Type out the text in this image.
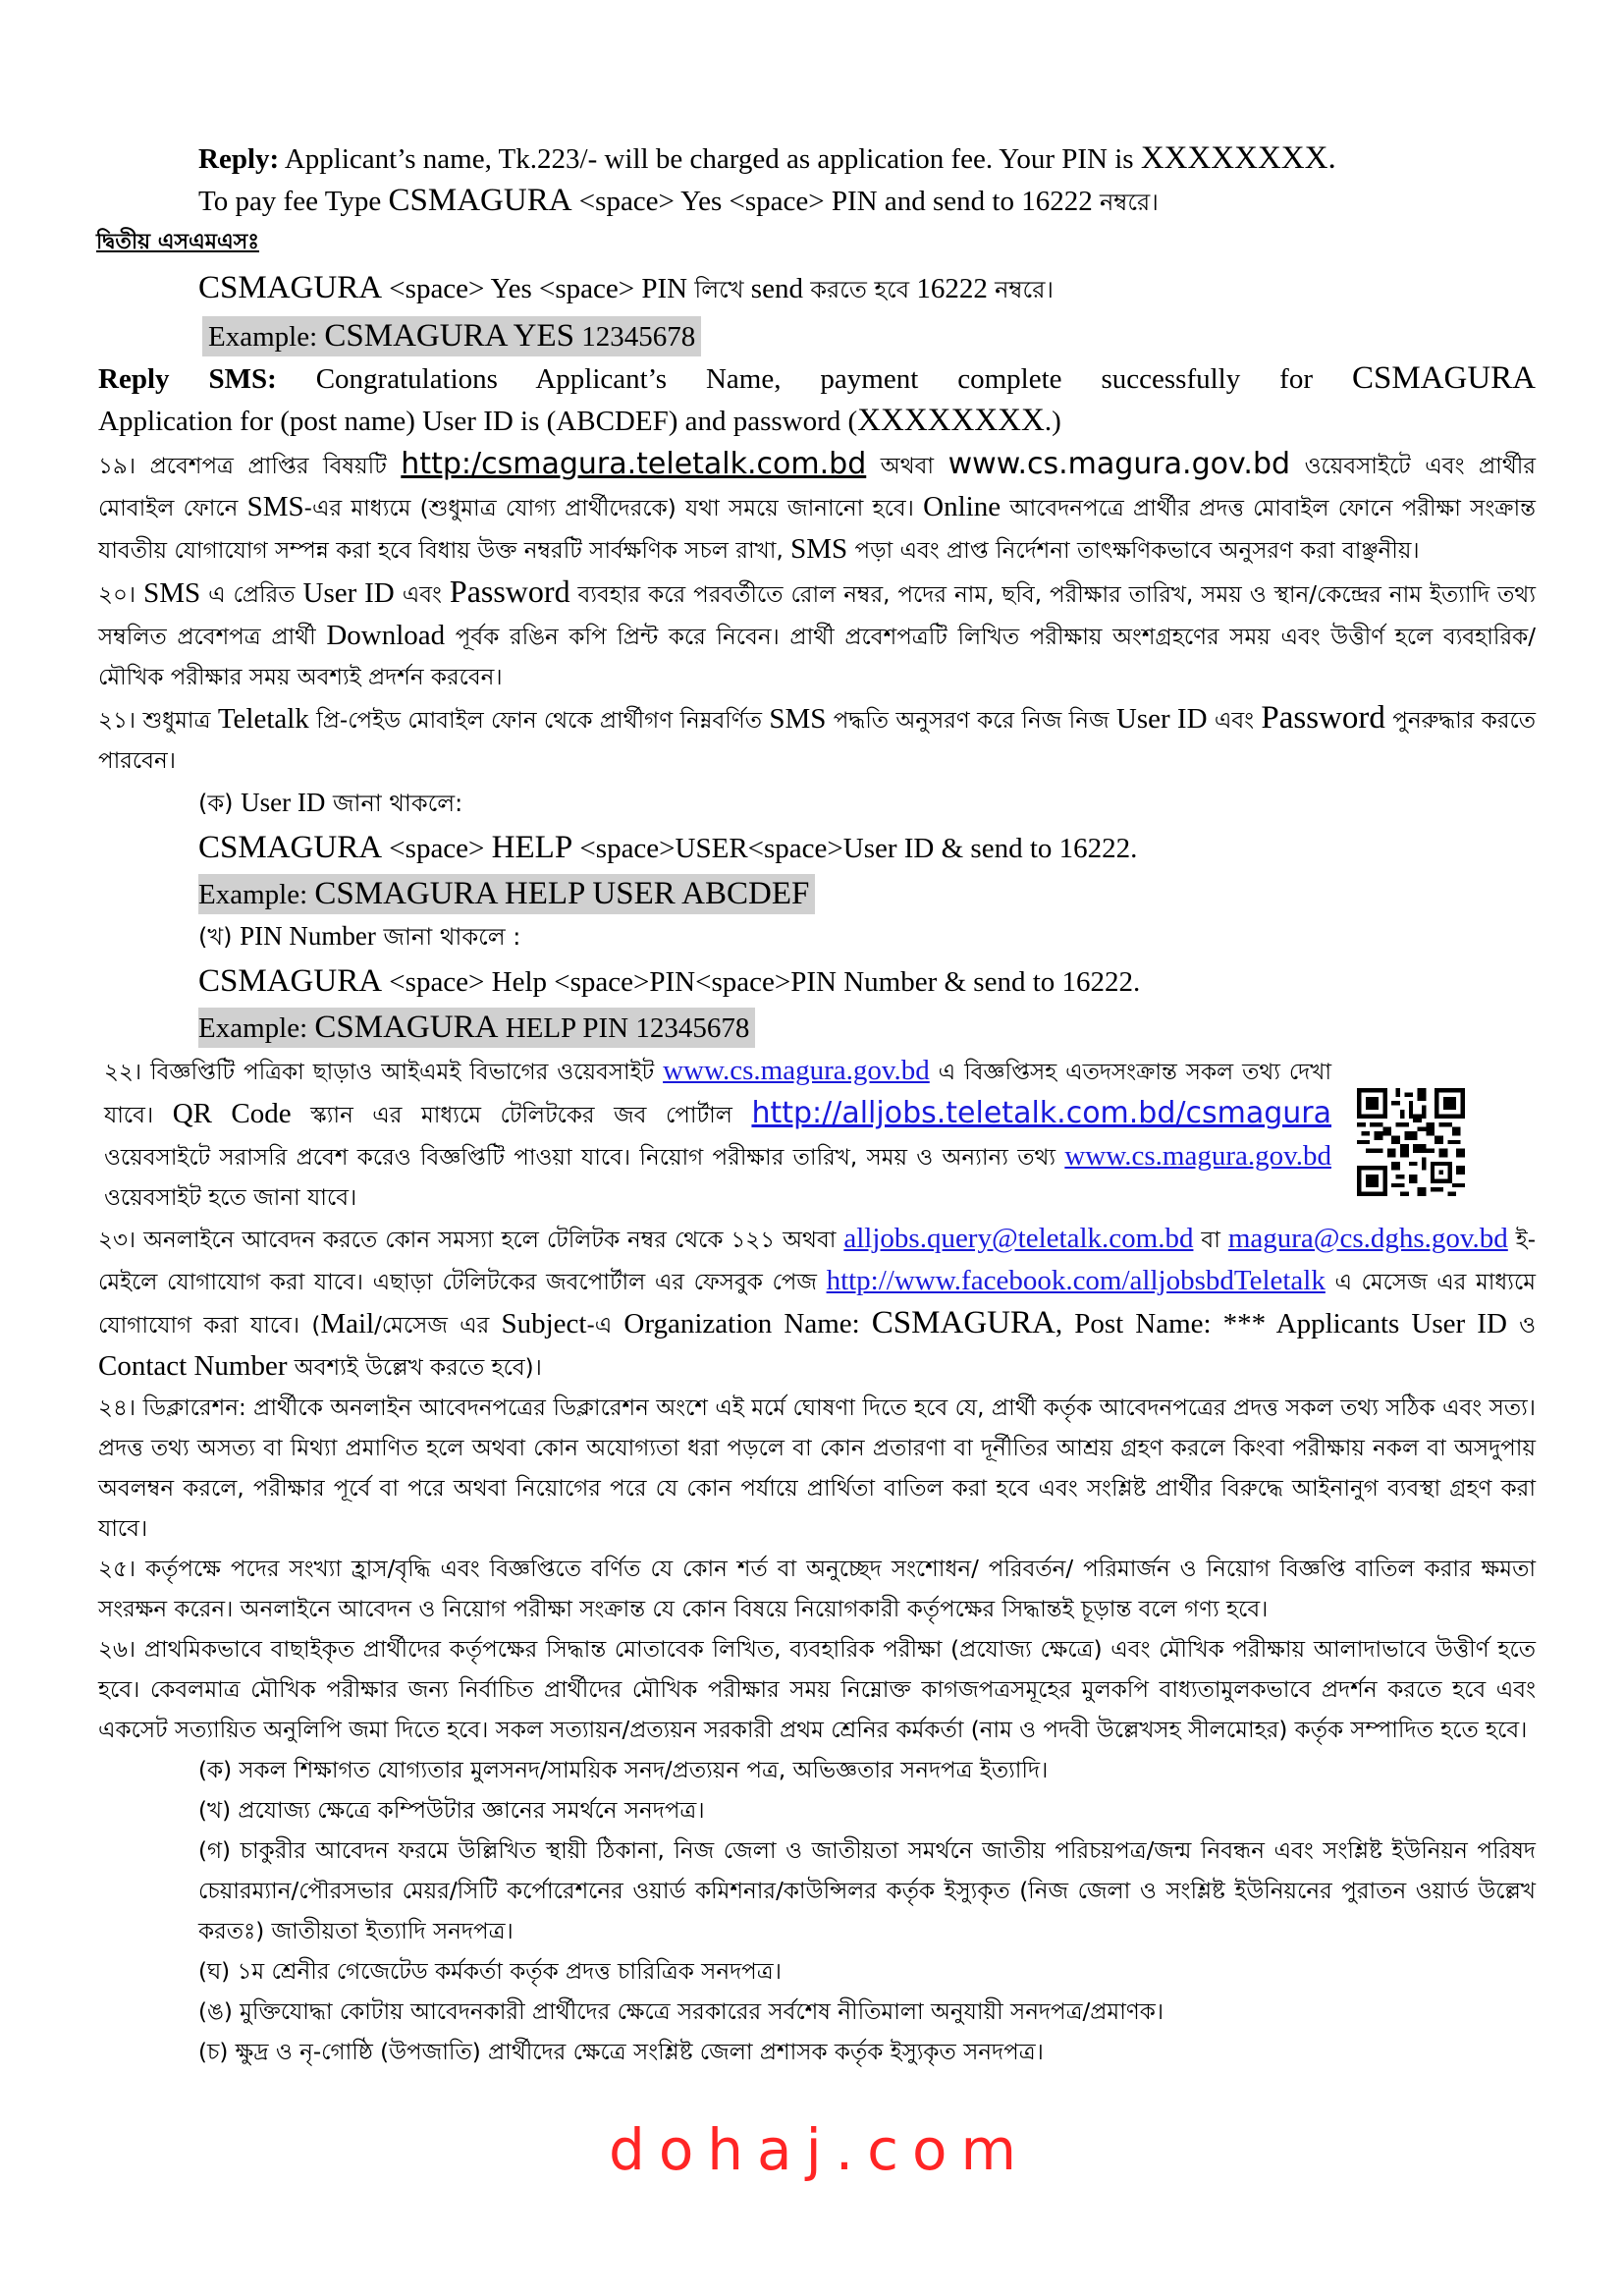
Reply: Applicant’s name, Tk.223/- will be charged as application fee. Your PIN is XXXXXXXX.
To pay fee Type CSMAGURA <space> Yes <space> PIN and send to 16222 নম্বরে।
দ্বিতীয় এসএমএসঃ
CSMAGURA <space> Yes <space> PIN লিখে send করতে হবে 16222 নম্বরে।
Example: CSMAGURA YES 12345678
Reply SMS: Congratulations Applicant’s Name, payment complete successfully for CSMAGURA
Application for (post name) User ID is (ABCDEF) and password (XXXXXXXX.)
১৯। প্রবেশপত্র প্রাপ্তির বিষয়টি http:/csmagura.teletalk.com.bd অথবা www.cs.magura.gov.bd ওয়েবসাইটে এবং প্রার্থীর মোবাইল ফোনে SMS-এর মাধ্যমে (শুধুমাত্র যোগ্য প্রার্থীদেরকে) যথা সময়ে জানানো হবে। Online আবেদনপত্রে প্রার্থীর প্রদত্ত মোবাইল ফোনে পরীক্ষা সংক্রান্ত যাবতীয় যোগাযোগ সম্পন্ন করা হবে বিধায় উক্ত নম্বরটি সার্বক্ষণিক সচল রাখা, SMS পড়া এবং প্রাপ্ত নির্দেশনা তাৎক্ষণিকভাবে অনুসরণ করা বাঞ্ছনীয়।
২০। SMS এ প্রেরিত User ID এবং Password ব্যবহার করে পরবর্তীতে রোল নম্বর, পদের নাম, ছবি, পরীক্ষার তারিখ, সময় ও স্থান/কেন্দ্রের নাম ইত্যাদি তথ্য সম্বলিত প্রবেশপত্র প্রার্থী Download পূর্বক রঙিন কপি প্রিন্ট করে নিবেন। প্রার্থী প্রবেশপত্রটি লিখিত পরীক্ষায় অংশগ্রহণের সময় এবং উত্তীর্ণ হলে ব্যবহারিক/মৌখিক পরীক্ষার সময় অবশ্যই প্রদর্শন করবেন।
২১। শুধুমাত্র Teletalk প্রি-পেইড মোবাইল ফোন থেকে প্রার্থীগণ নিম্নবর্ণিত SMS পদ্ধতি অনুসরণ করে নিজ নিজ User ID এবং Password পুনরুদ্ধার করতে পারবেন।
(ক) User ID জানা থাকলে:
CSMAGURA <space> HELP <space>USER<space>User ID & send to 16222.
Example: CSMAGURA HELP USER ABCDEF
(খ) PIN Number জানা থাকলে :
CSMAGURA <space> Help <space>PIN<space>PIN Number & send to 16222.
Example: CSMAGURA HELP PIN 12345678
২২। বিজ্ঞপ্তিটি পত্রিকা ছাড়াও আইএমই বিভাগের ওয়েবসাইট www.cs.magura.gov.bd এ বিজ্ঞপ্তিসহ এতদসংক্রান্ত সকল তথ্য দেখা যাবে। QR Code স্ক্যান এর মাধ্যমে টেলিটকের জব পোর্টাল http://alljobs.teletalk.com.bd/csmagura ওয়েবসাইটে সরাসরি প্রবেশ করেও বিজ্ঞপ্তিটি পাওয়া যাবে। নিয়োগ পরীক্ষার তারিখ, সময় ও অন্যান্য তথ্য www.cs.magura.gov.bd ওয়েবসাইট হতে জানা যাবে।
২৩। অনলাইনে আবেদন করতে কোন সমস্যা হলে টেলিটক নম্বর থেকে ১২১ অথবা alljobs.query@teletalk.com.bd বা magura@cs.dghs.gov.bd ই-মেইলে যোগাযোগ করা যাবে। এছাড়া টেলিটকের জবপোর্টাল এর ফেসবুক পেজ http://www.facebook.com/alljobsbdTeletalk এ মেসেজ এর মাধ্যমে যোগাযোগ করা যাবে। (Mail/মেসেজ এর Subject-এ Organization Name: CSMAGURA, Post Name: *** Applicants User ID ও Contact Number অবশ্যই উল্লেখ করতে হবে)।
২৪। ডিক্লারেশন: প্রার্থীকে অনলাইন আবেদনপত্রের ডিক্লারেশন অংশে এই মর্মে ঘোষণা দিতে হবে যে, প্রার্থী কর্তৃক আবেদনপত্রের প্রদত্ত সকল তথ্য সঠিক এবং সত্য। প্রদত্ত তথ্য অসত্য বা মিথ্যা প্রমাণিত হলে অথবা কোন অযোগ্যতা ধরা পড়লে বা কোন প্রতারণা বা দূর্নীতির আশ্রয় গ্রহণ করলে কিংবা পরীক্ষায় নকল বা অসদুপায় অবলম্বন করলে, পরীক্ষার পূর্বে বা পরে অথবা নিয়োগের পরে যে কোন পর্যায়ে প্রার্থিতা বাতিল করা হবে এবং সংশ্লিষ্ট প্রার্থীর বিরুদ্ধে আইনানুগ ব্যবস্থা গ্রহণ করা যাবে।
২৫। কর্তৃপক্ষে পদের সংখ্যা হ্রাস/বৃদ্ধি এবং বিজ্ঞপ্তিতে বর্ণিত যে কোন শর্ত বা অনুচ্ছেদ সংশোধন/ পরিবর্তন/ পরিমার্জন ও নিয়োগ বিজ্ঞপ্তি বাতিল করার ক্ষমতা সংরক্ষন করেন। অনলাইনে আবেদন ও নিয়োগ পরীক্ষা সংক্রান্ত যে কোন বিষয়ে নিয়োগকারী কর্তৃপক্ষের সিদ্ধান্তই চূড়ান্ত বলে গণ্য হবে।
২৬। প্রাথমিকভাবে বাছাইকৃত প্রার্থীদের কর্তৃপক্ষের সিদ্ধান্ত মোতাবেক লিখিত, ব্যবহারিক পরীক্ষা (প্রযোজ্য ক্ষেত্রে) এবং মৌখিক পরীক্ষায় আলাদাভাবে উত্তীর্ণ হতে হবে। কেবলমাত্র মৌখিক পরীক্ষার জন্য নির্বাচিত প্রার্থীদের মৌখিক পরীক্ষার সময় নিম্নোক্ত কাগজপত্রসমূহের মুলকপি বাধ্যতামুলকভাবে প্রদর্শন করতে হবে এবং একসেট সত্যায়িত অনুলিপি জমা দিতে হবে। সকল সত্যায়ন/প্রত্যয়ন সরকারী প্রথম শ্রেনির কর্মকর্তা (নাম ও পদবী উল্লেখসহ সীলমোহর) কর্তৃক সম্পাদিত হতে হবে।
(ক) সকল শিক্ষাগত যোগ্যতার মুলসনদ/সাময়িক সনদ/প্রত্যয়ন পত্র, অভিজ্ঞতার সনদপত্র ইত্যাদি।
(খ) প্রযোজ্য ক্ষেত্রে কম্পিউটার জ্ঞানের সমর্থনে সনদপত্র।
(গ) চাকুরীর আবেদন ফরমে উল্লিখিত স্থায়ী ঠিকানা, নিজ জেলা ও জাতীয়তা সমর্থনে জাতীয় পরিচয়পত্র/জন্ম নিবন্ধন এবং সংশ্লিষ্ট ইউনিয়ন পরিষদ চেয়ারম্যান/পৌরসভার মেয়র/সিটি কর্পোরেশনের ওয়ার্ড কমিশনার/কাউন্সিলর কর্তৃক ইস্যুকৃত (নিজ জেলা ও সংশ্লিষ্ট ইউনিয়নের পুরাতন ওয়ার্ড উল্লেখ করতঃ) জাতীয়তা ইত্যাদি সনদপত্র।
(ঘ) ১ম শ্রেনীর গেজেটেড কর্মকর্তা কর্তৃক প্রদত্ত চারিত্রিক সনদপত্র।
(ঙ) মুক্তিযোদ্ধা কোটায় আবেদনকারী প্রার্থীদের ক্ষেত্রে সরকারের সর্বশেষ নীতিমালা অনুযায়ী সনদপত্র/প্রমাণক।
(চ) ক্ষুদ্র ও নৃ-গোষ্ঠি (উপজাতি) প্রার্থীদের ক্ষেত্রে সংশ্লিষ্ট জেলা প্রশাসক কর্তৃক ইস্যুকৃত সনদপত্র।
dohaj.com
